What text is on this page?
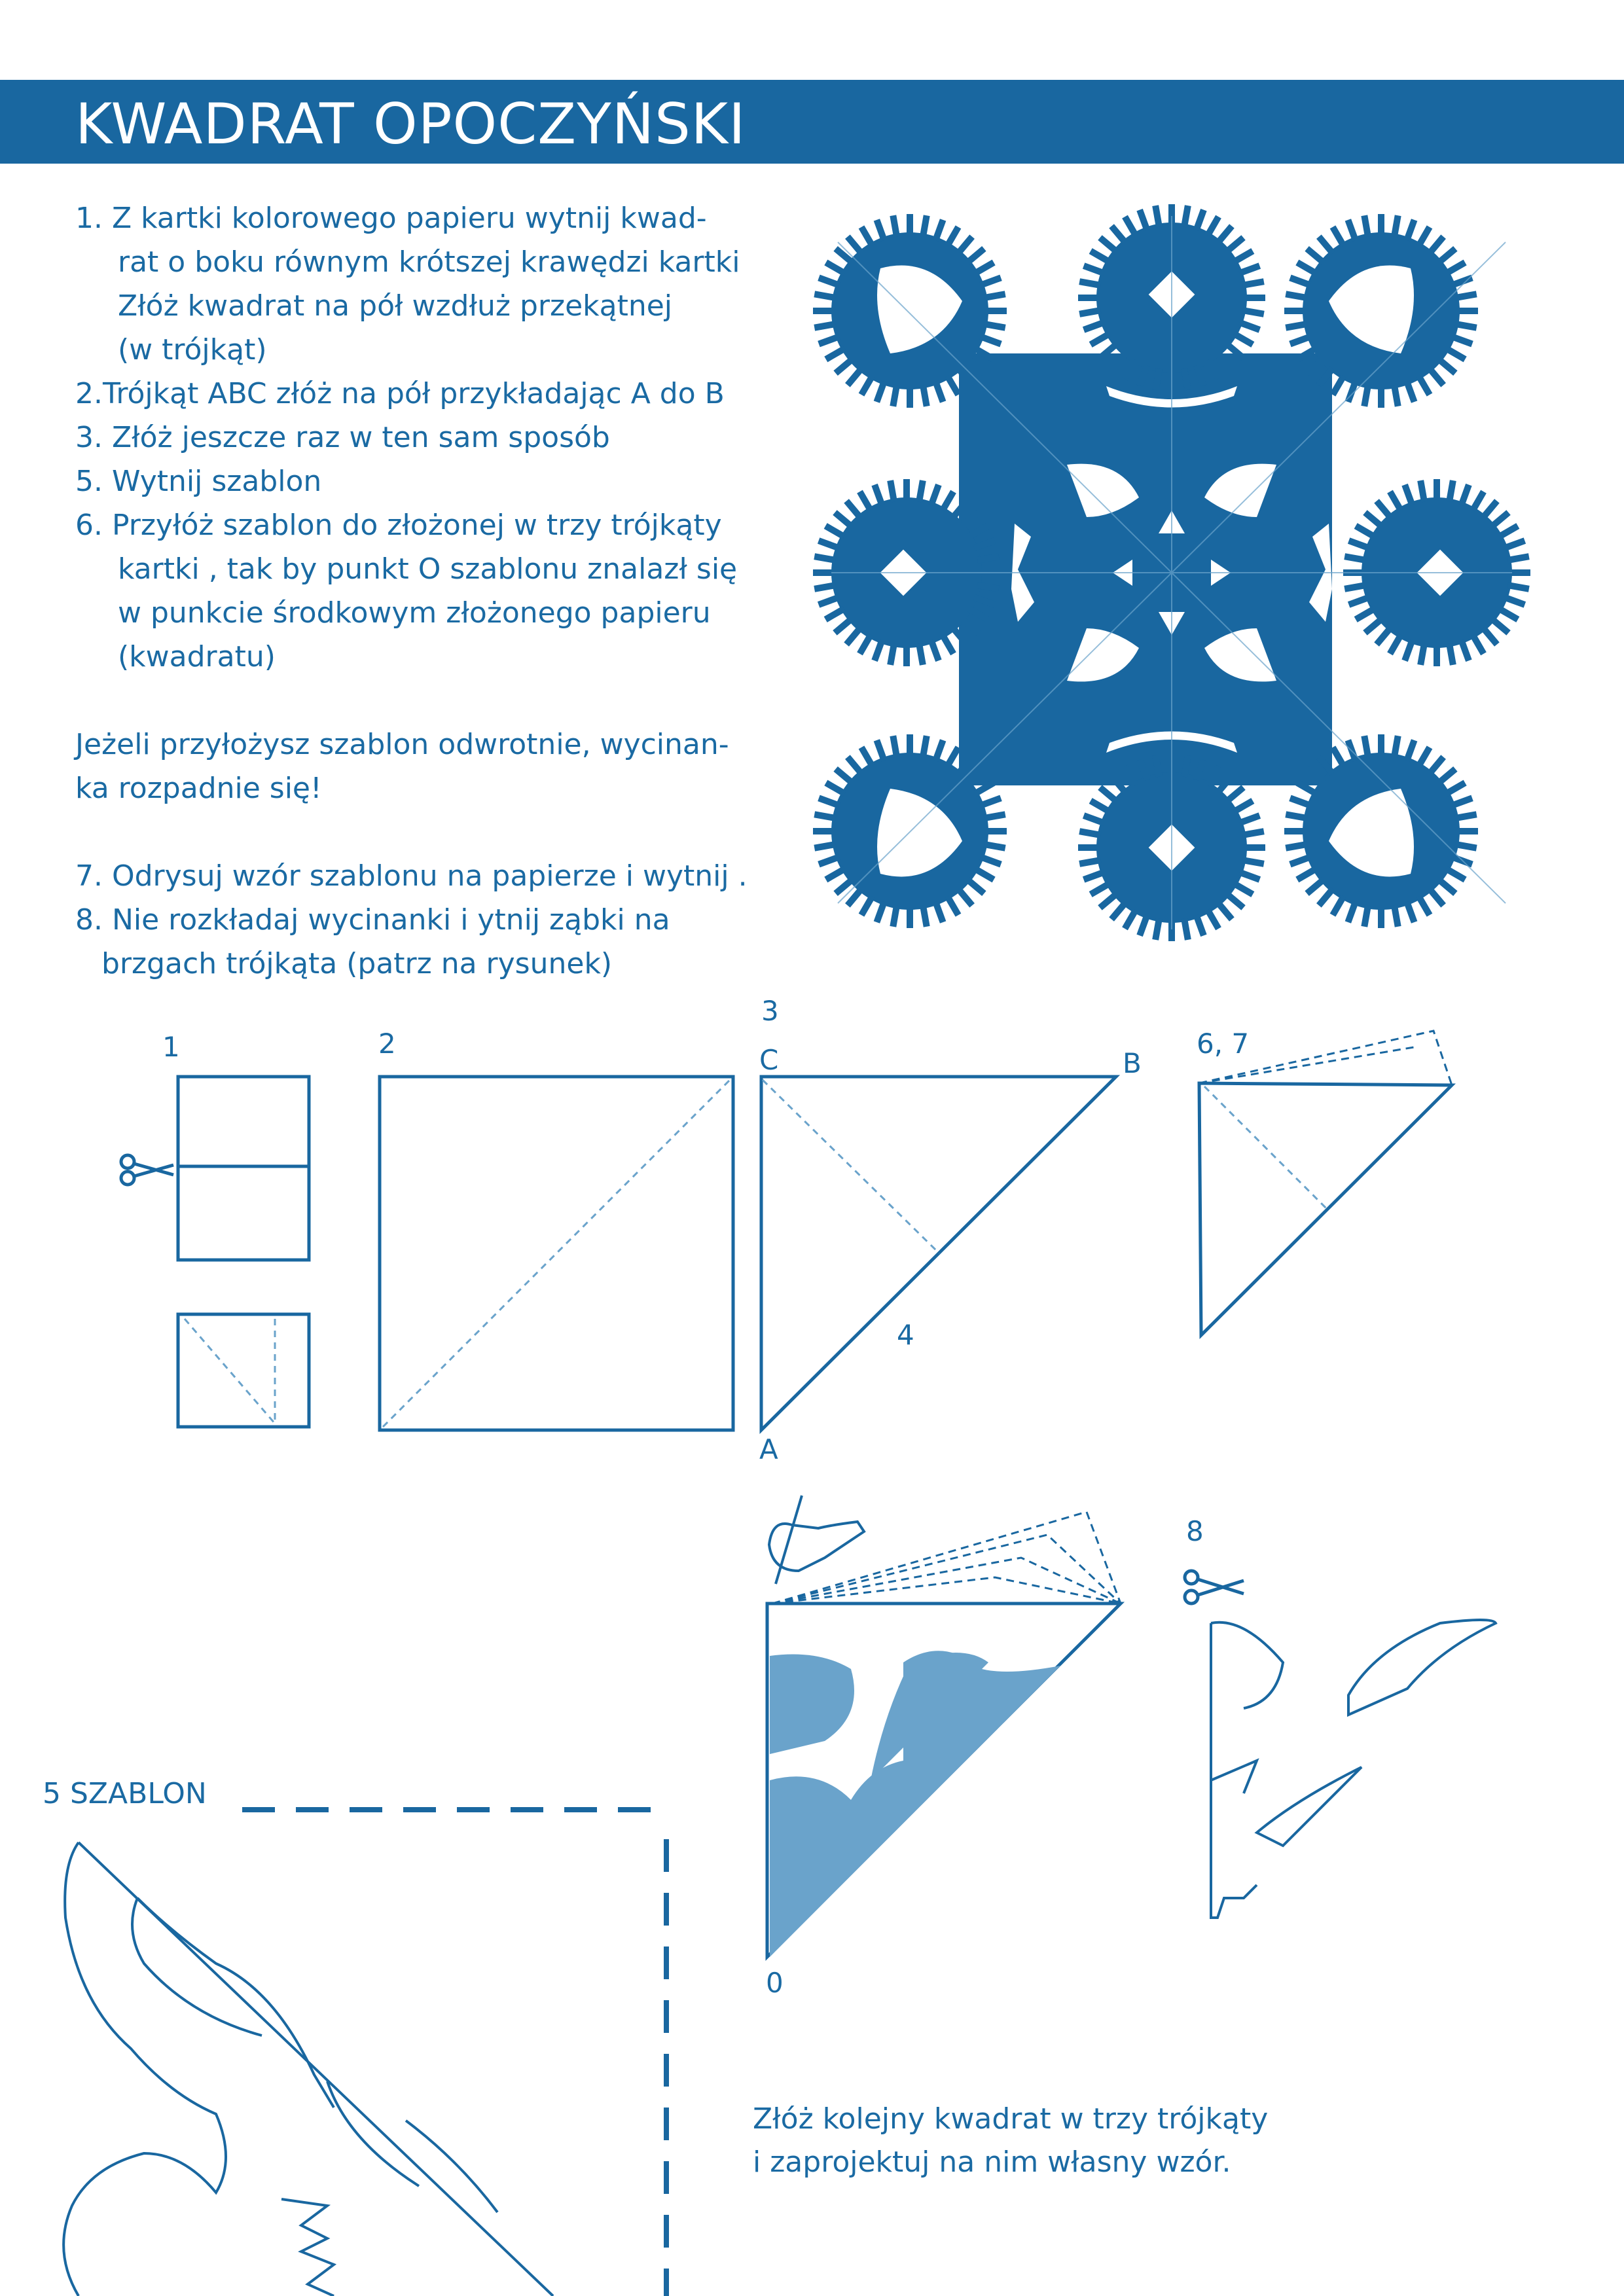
KWADRAT OPOCZYŃSKI
1. Z kartki kolorowego papieru wytnij kwad-
rat o boku równym krótszej krawędzi kartki
Złóż kwadrat na pół wzdłuż przekątnej
(w trójkąt)
2.Trójkąt ABC złóż na pół przykładając A do B
3. Złóż jeszcze raz w ten sam sposób
5. Wytnij szablon
6. Przyłóż szablon do złożonej w trzy trójkąty
kartki , tak by punkt O szablonu znalazł się
w punkcie środkowym złożonego papieru
(kwadratu)
Jeżeli przyłożysz szablon odwrotnie, wycinan-
ka rozpadnie się!
7. Odrysuj wzór szablonu na papierze i wytnij .
8. Nie rozkładaj wycinanki i ytnij ząbki na
brzgach trójkąta (patrz na rysunek)
1	2
3
C	B
4
A
6, 7
8
0
5 SZABLON
Złóż kolejny kwadrat w trzy trójkąty
i zaprojektuj na nim własny wzór.
